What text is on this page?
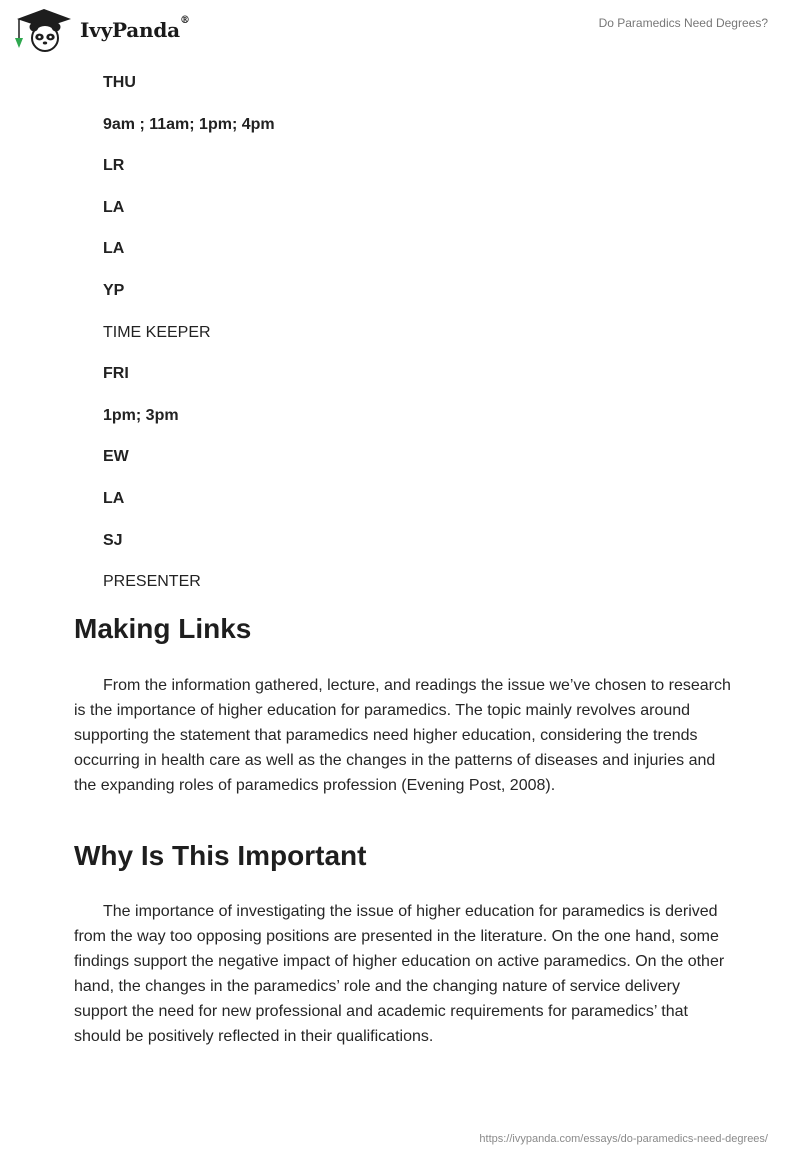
IvyPanda®	Do Paramedics Need Degrees?
THU
9am ; 11am; 1pm; 4pm
LR
LA
LA
YP
TIME KEEPER
FRI
1pm; 3pm
EW
LA
SJ
PRESENTER
Making Links

From the information gathered, lecture, and readings the issue we’ve chosen to research is the importance of higher education for paramedics. The topic mainly revolves around supporting the statement that paramedics need higher education, considering the trends occurring in health care as well as the changes in the patterns of diseases and injuries and the expanding roles of paramedics profession (Evening Post, 2008).

Why Is This Important

The importance of investigating the issue of higher education for paramedics is derived from the way too opposing positions are presented in the literature. On the one hand, some findings support the negative impact of higher education on active paramedics. On the other hand, the changes in the paramedics’ role and the changing nature of service delivery support the need for new professional and academic requirements for paramedics’ that should be positively reflected in their qualifications.

https://ivypanda.com/essays/do-paramedics-need-degrees/
